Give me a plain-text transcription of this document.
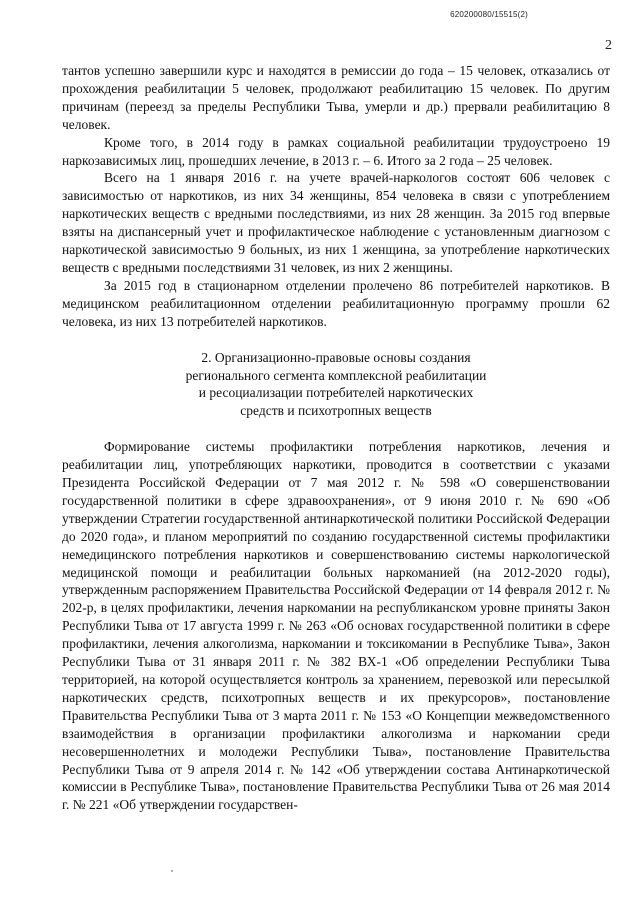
620200080/15515(2)
2

тантов успешно завершили курс и находятся в ремиссии до года – 15 человек, отказались от прохождения реабилитации 5 человек, продолжают реабилитацию 15 человек. По другим причинам (переезд за пределы Республики Тыва, умерли и др.) прервали реабилитацию 8 человек.

Кроме того, в 2014 году в рамках социальной реабилитации трудоустроено 19 наркозависимых лиц, прошедших лечение, в 2013 г. – 6. Итого за 2 года – 25 человек.

Всего на 1 января 2016 г. на учете врачей-наркологов состоят 606 человек с зависимостью от наркотиков, из них 34 женщины, 854 человека в связи с употреблением наркотических веществ с вредными последствиями, из них 28 женщин. За 2015 год впервые взяты на диспансерный учет и профилактическое наблюдение с установленным диагнозом с наркотической зависимостью 9 больных, из них 1 женщина, за употребление наркотических веществ с вредными последствиями 31 человек, из них 2 женщины.

За 2015 год в стационарном отделении пролечено 86 потребителей наркотиков. В медицинском реабилитационном отделении реабилитационную программу прошли 62 человека, из них 13 потребителей наркотиков.

2. Организационно-правовые основы создания
регионального сегмента комплексной реабилитации
и ресоциализации потребителей наркотических
средств и психотропных веществ

Формирование системы профилактики потребления наркотиков, лечения и реабилитации лиц, употребляющих наркотики, проводится в соответствии с указами Президента Российской Федерации от 7 мая 2012 г. № 598 «О совершенствовании государственной политики в сфере здравоохранения», от 9 июня 2010 г. № 690 «Об утверждении Стратегии государственной антинаркотической политики Российской Федерации до 2020 года», и планом мероприятий по созданию государственной системы профилактики немедицинского потребления наркотиков и совершенствованию системы наркологической медицинской помощи и реабилитации больных наркоманией (на 2012-2020 годы), утвержденным распоряжением Правительства Российской Федерации от 14 февраля 2012 г. № 202-р, в целях профилактики, лечения наркомании на республиканском уровне приняты Закон Республики Тыва от 17 августа 1999 г. № 263 «Об основах государственной политики в сфере профилактики, лечения алкоголизма, наркомании и токсикомании в Республике Тыва», Закон Республики Тыва от 31 января 2011 г. № 382 ВХ-1 «Об определении Республики Тыва территорией, на которой осуществляется контроль за хранением, перевозкой или пересылкой наркотических средств, психотропных веществ и их прекурсоров», постановление Правительства Республики Тыва от 3 марта 2011 г. № 153 «О Концепции межведомственного взаимодействия в организации профилактики алкоголизма и наркомании среди несовершеннолетних и молодежи Республики Тыва», постановление Правительства Республики Тыва от 9 апреля 2014 г. № 142 «Об утверждении состава Антинаркотической комиссии в Республике Тыва», постановление Правительства Республики Тыва от 26 мая 2014 г. № 221 «Об утверждении государствен-
